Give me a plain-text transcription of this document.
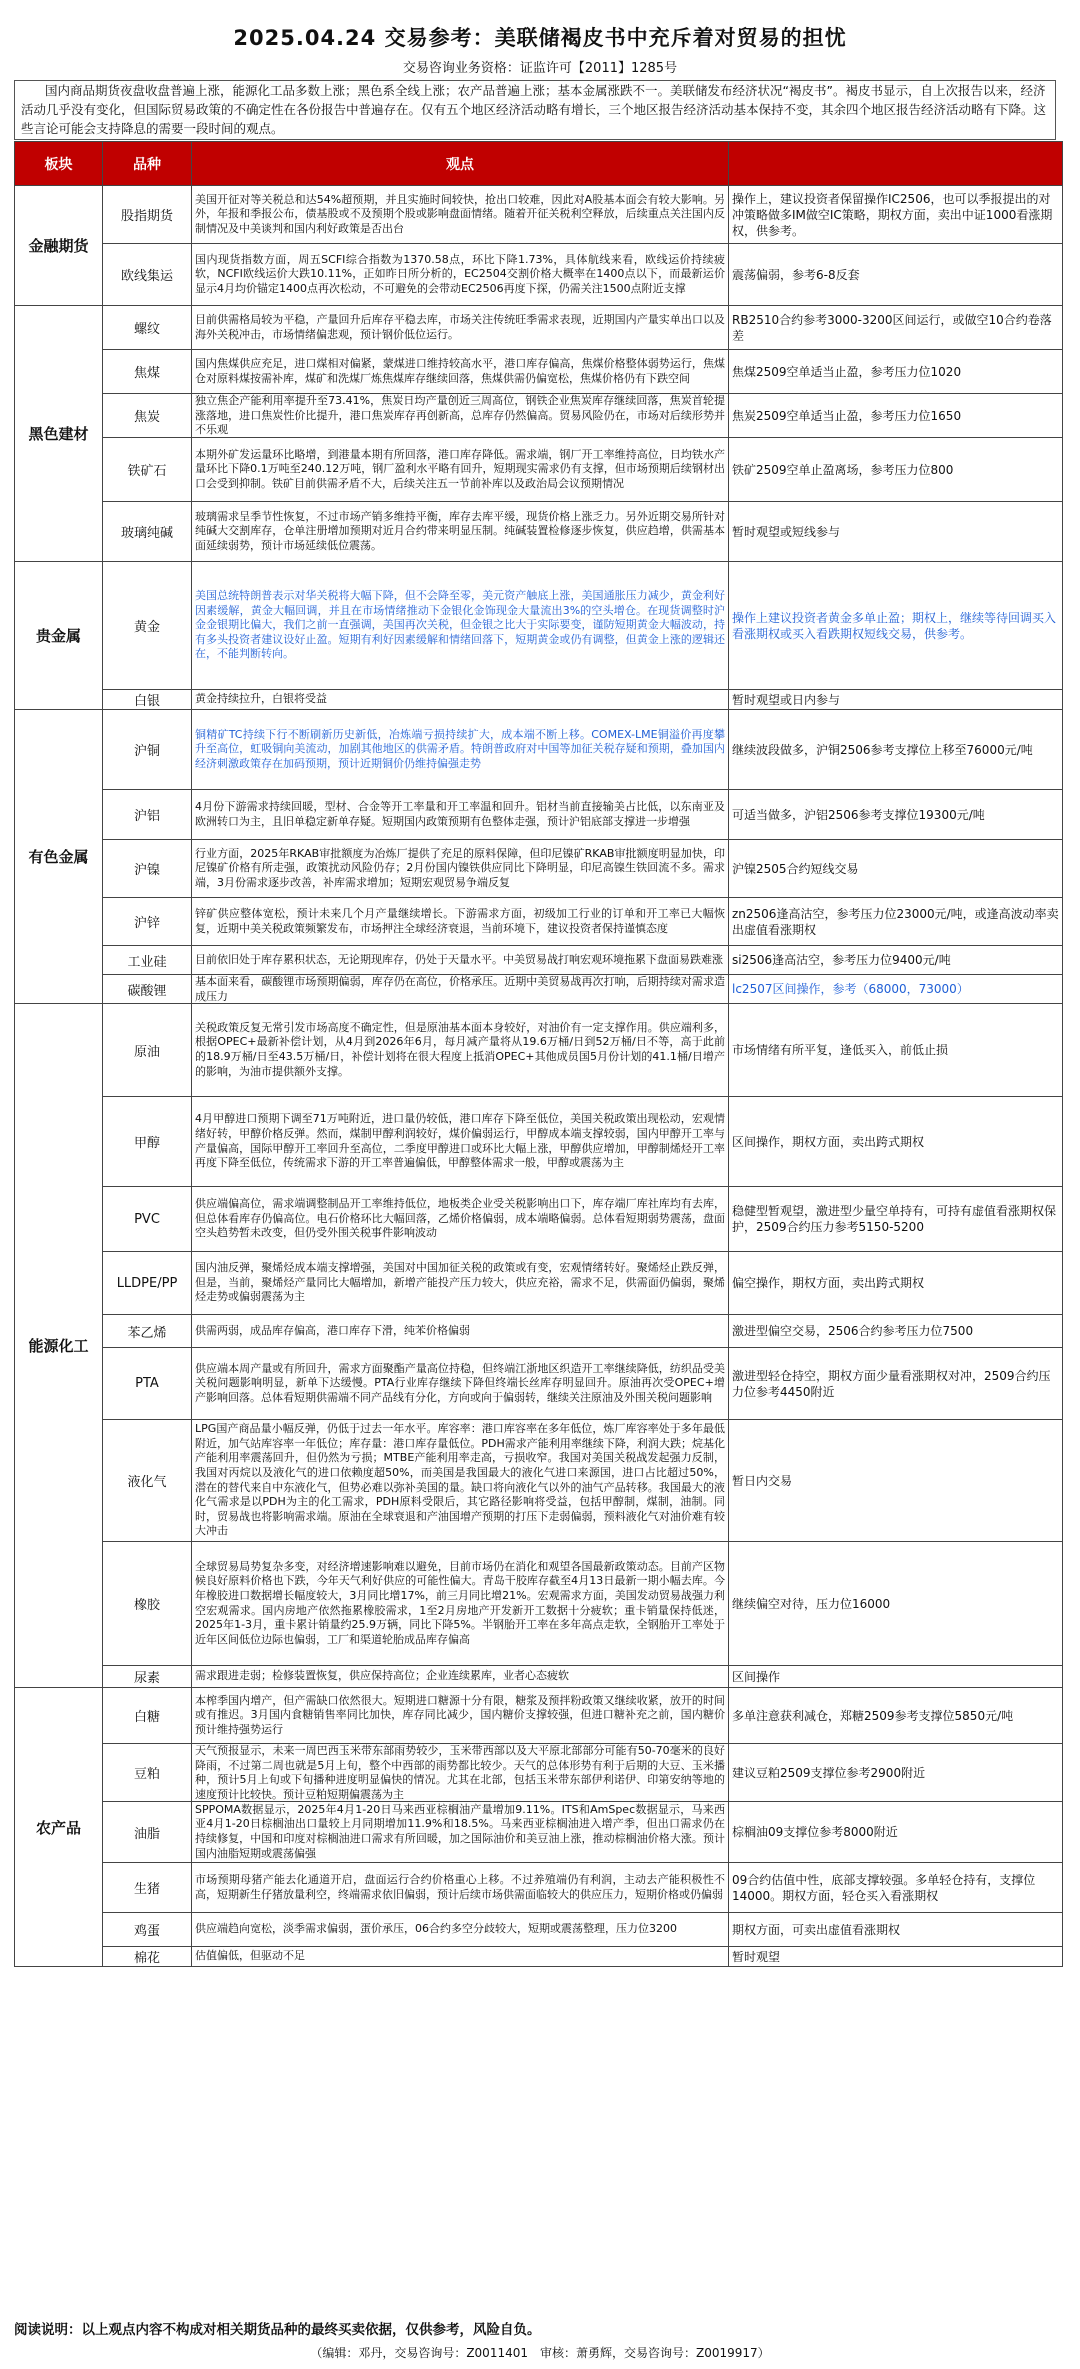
2025.04.24 交易参考：美联储褐皮书中充斥着对贸易的担忧
交易咨询业务资格：证监许可【2011】1285号
国内商品期货夜盘收盘普遍上涨，能源化工品多数上涨；黑色系全线上涨；农产品普遍上涨；基本金属涨跌不一。美联储发布经济状况“褐皮书”。褐皮书显示，自上次报告以来，经济活动几乎没有变化，但国际贸易政策的不确定性在各份报告中普遍存在。仅有五个地区经济活动略有增长，三个地区报告经济活动基本保持不变，其余四个地区报告经济活动略有下降。这些言论可能会支持降息的需要一段时间的观点。
板块	品种	观点	
金融期货	股指期货	美国开征对等关税总和达54%超预期，并且实施时间较快，抢出口较难，因此对A股基本面会有较大影响。另外，年报和季报公布，债基股或不及预期个股或影响盘面情绪。随着开征关税利空释放，后续重点关注国内反制情况及中美谈判和国内利好政策是否出台	操作上，建议投资者保留操作IC2506，也可以季报提出的对冲策略做多IM做空IC策略，期权方面，卖出中证1000看涨期权，供参考。
	欧线集运	国内现货指数方面，周五SCFI综合指数为1370.58点，环比下降1.73%，具体航线来看，欧线运价持续疲软，NCFI欧线运价大跌10.11%，正如昨日所分析的，EC2504交割价格大概率在1400点以下，而最新运价显示4月均价锚定1400点再次松动，不可避免的会带动EC2506再度下探，仍需关注1500点附近支撑	震荡偏弱，参考6-8反套
黑色建材	螺纹	目前供需格局较为平稳，产量回升后库存平稳去库，市场关注传统旺季需求表现，近期国内产量实单出口以及海外关税冲击，市场情绪偏悲观，预计钢价低位运行。	RB2510合约参考3000-3200区间运行，或做空10合约卷落差
	焦煤	国内焦煤供应充足，进口煤相对偏紧，蒙煤进口维持较高水平，港口库存偏高，焦煤价格整体弱势运行，焦煤仓对原料煤按需补库，煤矿和洗煤厂炼焦煤库存继续回落，焦煤供需仍偏宽松，焦煤价格仍有下跌空间	焦煤2509空单适当止盈，参考压力位1020
	焦炭	独立焦企产能利用率提升至73.41%，焦炭日均产量创近三周高位，钢铁企业焦炭库存继续回落，焦炭首轮提涨落地，进口焦炭性价比提升，港口焦炭库存再创新高，总库存仍然偏高。贸易风险仍在，市场对后续形势并不乐观	焦炭2509空单适当止盈，参考压力位1650
	铁矿石	本期外矿发运量环比略增，到港量本期有所回落，港口库存降低。需求端，钢厂开工率维持高位，日均铁水产量环比下降0.1万吨至240.12万吨，钢厂盈利水平略有回升，短期现实需求仍有支撑，但市场预期后续钢材出口会受到抑制。铁矿目前供需矛盾不大，后续关注五一节前补库以及政治局会议预期情况	铁矿2509空单止盈离场，参考压力位800
	玻璃纯碱	玻璃需求呈季节性恢复，不过市场产销多维持平衡，库存去库平缓，现货价格上涨乏力。另外近期交易所针对纯碱大交割库存，仓单注册增加预期对近月合约带来明显压制。纯碱装置检修逐步恢复，供应趋增，供需基本面延续弱势，预计市场延续低位震荡。	暂时观望或短线参与
贵金属	黄金	美国总统特朗普表示对华关税将大幅下降，但不会降至零，美元资产触底上涨，美国通胀压力减少，黄金利好因素缓解，黄金大幅回调，并且在市场情绪推动下金银化金饰现金大量流出3%的空头增仓。在现货调整时沪金金银期比偏大，我们之前一直强调，美国再次关税，但金银之比大于实际要变，谨防短期黄金大幅波动，持有多头投资者建议设好止盈。短期有利好因素缓解和情绪回落下，短期黄金或仍有调整，但黄金上涨的逻辑还在，不能判断转向。	操作上建议投资者黄金多单止盈；期权上，继续等待回调买入看涨期权或买入看跌期权短线交易，供参考。
	白银	黄金持续拉升，白银将受益	暂时观望或日内参与
有色金属	沪铜	铜精矿TC持续下行不断刷新历史新低，冶炼端亏损持续扩大，成本端不断上移。COMEX-LME铜溢价再度攀升至高位，虹吸铜向美流动，加剧其他地区的供需矛盾。特朗普政府对中国等加征关税存疑和预期，叠加国内经济刺激政策存在加码预期，预计近期铜价仍维持偏强走势	继续波段做多，沪铜2506参考支撑位上移至76000元/吨
	沪铝	4月份下游需求持续回暖，型材、合金等开工率量和开工率温和回升。铝材当前直接输美占比低，以东南亚及欧洲转口为主，且旧单稳定新单存疑。短期国内政策预期有色整体走强，预计沪铝底部支撑进一步增强	可适当做多，沪铝2506参考支撑位19300元/吨
	沪镍	行业方面，2025年RKAB审批额度为冶炼厂提供了充足的原料保障，但印尼镍矿RKAB审批额度明显加快，印尼镍矿价格有所走强，政策扰动风险仍存；2月份国内镍铁供应同比下降明显，印尼高镍生铁回流不多。需求端，3月份需求逐步改善，补库需求增加；短期宏观贸易争端反复	沪镍2505合约短线交易
	沪锌	锌矿供应整体宽松，预计未来几个月产量继续增长。下游需求方面，初级加工行业的订单和开工率已大幅恢复，近期中美关税政策频繁发布，市场押注全球经济衰退，当前环境下，建议投资者保持谨慎态度	zn2506逢高沽空，参考压力位23000元/吨，或逢高波动率卖出虚值看涨期权
	工业硅	目前依旧处于库存累积状态，无论期现库存，仍处于天量水平。中美贸易战打响宏观环境拖累下盘面易跌难涨	si2506逢高沽空，参考压力位9400元/吨
	碳酸锂	基本面来看，碳酸锂市场预期偏弱，库存仍在高位，价格承压。近期中美贸易战再次打响，后期持续对需求造成压力	lc2507区间操作，参考（68000，73000）
能源化工	原油	关税政策反复无常引发市场高度不确定性，但是原油基本面本身较好，对油价有一定支撑作用。供应端利多，根据OPEC+最新补偿计划，从4月到2026年6月，每月减产量将从19.6万桶/日到52万桶/日不等，高于此前的18.9万桶/日至43.5万桶/日，补偿计划将在很大程度上抵消OPEC+其他成员国5月份计划的41.1桶/日增产的影响，为油市提供额外支撑。	市场情绪有所平复，逢低买入，前低止损
	甲醇	4月甲醇进口预期下调至71万吨附近，进口量仍较低，港口库存下降至低位，美国关税政策出现松动，宏观情绪好转，甲醇价格反弹。然而，煤制甲醇利润较好，煤价偏弱运行，甲醇成本端支撑较弱，国内甲醇开工率与产量偏高，国际甲醇开工率回升至高位，二季度甲醇进口或环比大幅上涨，甲醇供应增加，甲醇制烯烃开工率再度下降至低位，传统需求下游的开工率普遍偏低，甲醇整体需求一般，甲醇或震荡为主	区间操作，期权方面，卖出跨式期权
	PVC	供应端偏高位，需求端调整制品开工率维持低位，地板类企业受关税影响出口下，库存端厂库社库均有去库，但总体看库存仍偏高位。电石价格环比大幅回落，乙烯价格偏弱，成本端略偏弱。总体看短期弱势震荡，盘面空头趋势暂未改变，但仍受外围关税事件影响波动	稳健型暂观望，激进型少量空单持有，可持有虚值看涨期权保护，2509合约压力参考5150-5200
	LLDPE/PP	国内油反弹，聚烯烃成本端支撑增强，美国对中国加征关税的政策或有变，宏观情绪转好。聚烯烃止跌反弹，但是，当前，聚烯烃产量同比大幅增加，新增产能投产压力较大，供应充裕，需求不足，供需面仍偏弱，聚烯烃走势或偏弱震荡为主	偏空操作，期权方面，卖出跨式期权
	苯乙烯	供需两弱，成品库存偏高，港口库存下滑，纯苯价格偏弱	激进型偏空交易，2506合约参考压力位7500
	PTA	供应端本周产量或有所回升，需求方面聚酯产量高位持稳，但终端江浙地区织造开工率继续降低，纺织品受美关税问题影响明显，新单下达缓慢。PTA行业库存继续下降但终端长丝库存明显回升。原油再次受OPEC+增产影响回落。总体看短期供需端不同产品线有分化，方向或向于偏弱转，继续关注原油及外围关税问题影响	激进型轻仓持空，期权方面少量看涨期权对冲，2509合约压力位参考4450附近
	液化气	LPG国产商品量小幅反弹，仍低于过去一年水平。库容率：港口库容率在多年低位，炼厂库容率处于多年最低附近，加气站库容率一年低位；库存量：港口库存量低位。PDH需求产能利用率继续下降，利润大跌；烷基化产能利用率震荡回升，但仍然为亏损；MTBE产能利用率走高，亏损收窄。我国对美国关税战发起强力反制，我国对丙烷以及液化气的进口依赖度超50%，而美国是我国最大的液化气进口来源国，进口占比超过50%，潜在的替代来自中东液化气，但势必难以弥补美国的量。缺口将向液化气以外的油气产品转移。我国最大的液化气需求是以PDH为主的化工需求，PDH原料受限后，其它路径影响将受益，包括甲醇制，煤制，油制。同时，贸易战也将影响需求端。原油在全球衰退和产油国增产预期的打压下走弱偏弱，预料液化气对油价难有较大冲击	暂日内交易
	橡胶	全球贸易局势复杂多变，对经济增速影响难以避免，目前市场仍在消化和观望各国最新政策动态。目前产区物候良好原料价格也下跌，今年天气利好供应的可能性偏大。青岛干胶库存截至4月13日最新一期小幅去库。今年橡胶进口数据增长幅度较大，3月同比增17%，前三月同比增21%。宏观需求方面，美国发动贸易战强力利空宏观需求。国内房地产依然拖累橡胶需求，1至2月房地产开发新开工数据十分疲软；重卡销量保持低迷，2025年1-3月，重卡累计销量约25.9万辆，同比下降5%。半钢胎开工率在多年高点走软，全钢胎开工率处于近年区间低位边际也偏弱，工厂和渠道轮胎成品库存偏高	继续偏空对待，压力位16000
	尿素	需求跟进走弱；检修装置恢复，供应保持高位；企业连续累库，业者心态疲软	区间操作
农产品	白糖	本榨季国内增产，但产需缺口依然很大。短期进口糖源十分有限，糖浆及预拌粉政策又继续收紧，放开的时间或有推迟。3月国内食糖销售率同比加快，库存同比减少，国内糖价支撑较强，但进口糖补充之前，国内糖价预计维持强势运行	多单注意获利减仓，郑糖2509参考支撑位5850元/吨
	豆粕	天气预报显示，未来一周巴西玉米带东部雨势较少，玉米带西部以及大平原北部部分可能有50-70毫米的良好降雨，不过第二周也就是5月上旬，整个中西部的雨势都比较少。天气的总体形势有利于后期的大豆、玉米播种，预计5月上旬或下旬播种进度明显偏快的情况。尤其在北部，包括玉米带东部伊利诺伊、印第安纳等地的速度预计比较快。预计豆粕短期偏震荡为主	建议豆粕2509支撑位参考2900附近
	油脂	SPPOMA数据显示，2025年4月1-20日马来西亚棕榈油产量增加9.11%。ITS和AmSpec数据显示，马来西亚4月1-20日棕榈油出口量较上月同期增加11.9%和18.5%。马来西亚棕榈油进入增产季，但出口需求仍在持续修复，中国和印度对棕榈油进口需求有所回暖，加之国际油价和美豆油上涨，推动棕榈油价格大涨。预计国内油脂短期或震荡偏强	棕榈油09支撑位参考8000附近
	生猪	市场预期母猪产能去化通道开启，盘面运行合约价格重心上移。不过养殖端仍有利润，主动去产能积极性不高，短期新生仔猪放量利空，终端需求依旧偏弱，预计后续市场供需面临较大的供应压力，短期价格或仍偏弱	09合约估值中性，底部支撑较强。多单轻仓持有，支撑位14000。期权方面，轻仓买入看涨期权
	鸡蛋	供应端趋向宽松，淡季需求偏弱，蛋价承压，06合约多空分歧较大，短期或震荡整理，压力位3200	期权方面，可卖出虚值看涨期权
	棉花	估值偏低，但驱动不足	暂时观望
阅读说明：以上观点内容不构成对相关期货品种的最终买卖依据，仅供参考，风险自负。
（编辑：邓丹，交易咨询号：Z0011401　审核：萧勇辉，交易咨询号：Z0019917）
